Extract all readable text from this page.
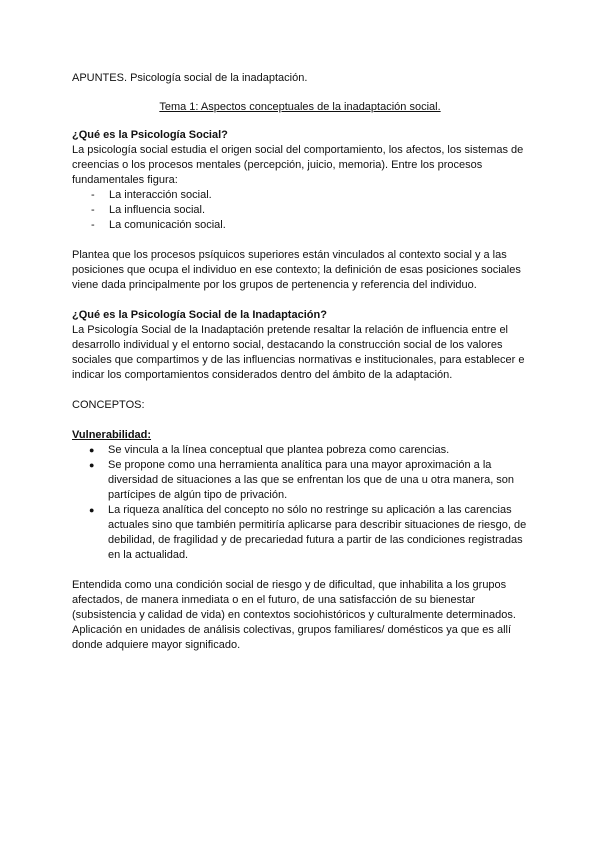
APUNTES. Psicología social de la inadaptación.

Tema 1: Aspectos conceptuales de la inadaptación social.

¿Qué es la Psicología Social?

La psicología social estudia el origen social del comportamiento, los afectos, los sistemas de creencias o los procesos mentales (percepción, juicio, memoria). Entre los procesos fundamentales figura:

- La interacción social.
- La influencia social.
- La comunicación social.

Plantea que los procesos psíquicos superiores están vinculados al contexto social y a las posiciones que ocupa el individuo en ese contexto; la definición de esas posiciones sociales viene dada principalmente por los grupos de pertenencia y referencia del individuo.

¿Qué es la Psicología Social de la Inadaptación?

La Psicología Social de la Inadaptación pretende resaltar la relación de influencia entre el desarrollo individual y el entorno social, destacando la construcción social de los valores sociales que compartimos y de las influencias normativas e institucionales, para establecer e indicar los comportamientos considerados dentro del ámbito de la adaptación.

CONCEPTOS:

Vulnerabilidad:

● Se vincula a la línea conceptual que plantea pobreza como carencias.
● Se propone como una herramienta analítica para una mayor aproximación a la diversidad de situaciones a las que se enfrentan los que de una u otra manera, son partícipes de algún tipo de privación.
● La riqueza analítica del concepto no sólo no restringe su aplicación a las carencias actuales sino que también permitiría aplicarse para describir situaciones de riesgo, de debilidad, de fragilidad y de precariedad futura a partir de las condiciones registradas en la actualidad.

Entendida como una condición social de riesgo y de dificultad, que inhabilita a los grupos afectados, de manera inmediata o en el futuro, de una satisfacción de su bienestar (subsistencia y calidad de vida) en contextos sociohistóricos y culturalmente determinados. Aplicación en unidades de análisis colectivas, grupos familiares/ domésticos ya que es allí donde adquiere mayor significado.
